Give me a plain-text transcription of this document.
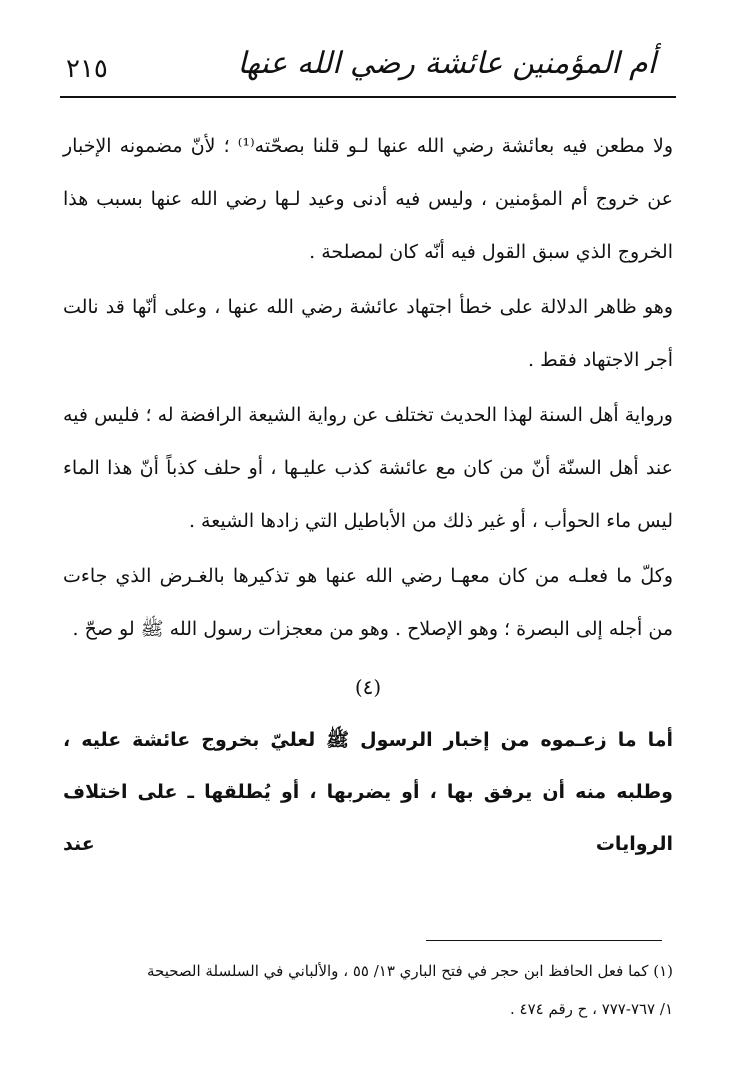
٢١٥	أم المؤمنين عائشة رضي الله عنها

ولا مطعن فيه بعائشة رضي الله عنها لـو قلنا بصحّته⁽¹⁾ ؛ لأنّ مضمونه الإخبار عن خروج أم المؤمنين ، وليس فيه أدنى وعيد لـها رضي الله عنها بسبب هذا الخروج الذي سبق القول فيه أنّه كان لمصلحة .

وهو ظاهر الدلالة على خطأ اجتهاد عائشة رضي الله عنها ، وعلى أنّها قد نالت أجر الاجتهاد فقط .

ورواية أهل السنة لهذا الحديث تختلف عن رواية الشيعة الرافضة له ؛ فليس فيه عند أهل السنّة أنّ من كان مع عائشة كذب عليـها ، أو حلف كذباً أنّ هذا الماء ليس ماء الحوأب ، أو غير ذلك من الأباطيل التي زادها الشيعة .

وكلّ ما فعلـه من كان معهـا رضي الله عنها هو تذكيرها بالغـرض الذي جاءت من أجله إلى البصرة ؛ وهو الإصلاح . وهو من معجزات رسول الله ﷺ لو صحّ .

(٤)

أما ما زعـموه من إخبار الرسول ﷺ لعليّ بخروج عائشة عليه ، وطلبه منه أن يرفق بها ، أو يضربها ، أو يُطلقها ـ على اختلاف الروايات عند

(١) كما فعل الحافظ ابن حجر في فتح الباري ١٣/ ٥٥ ، والألباني في السلسلة الصحيحة

١/ ٧٦٧-٧٧٧ ، ح رقم ٤٧٤ .
